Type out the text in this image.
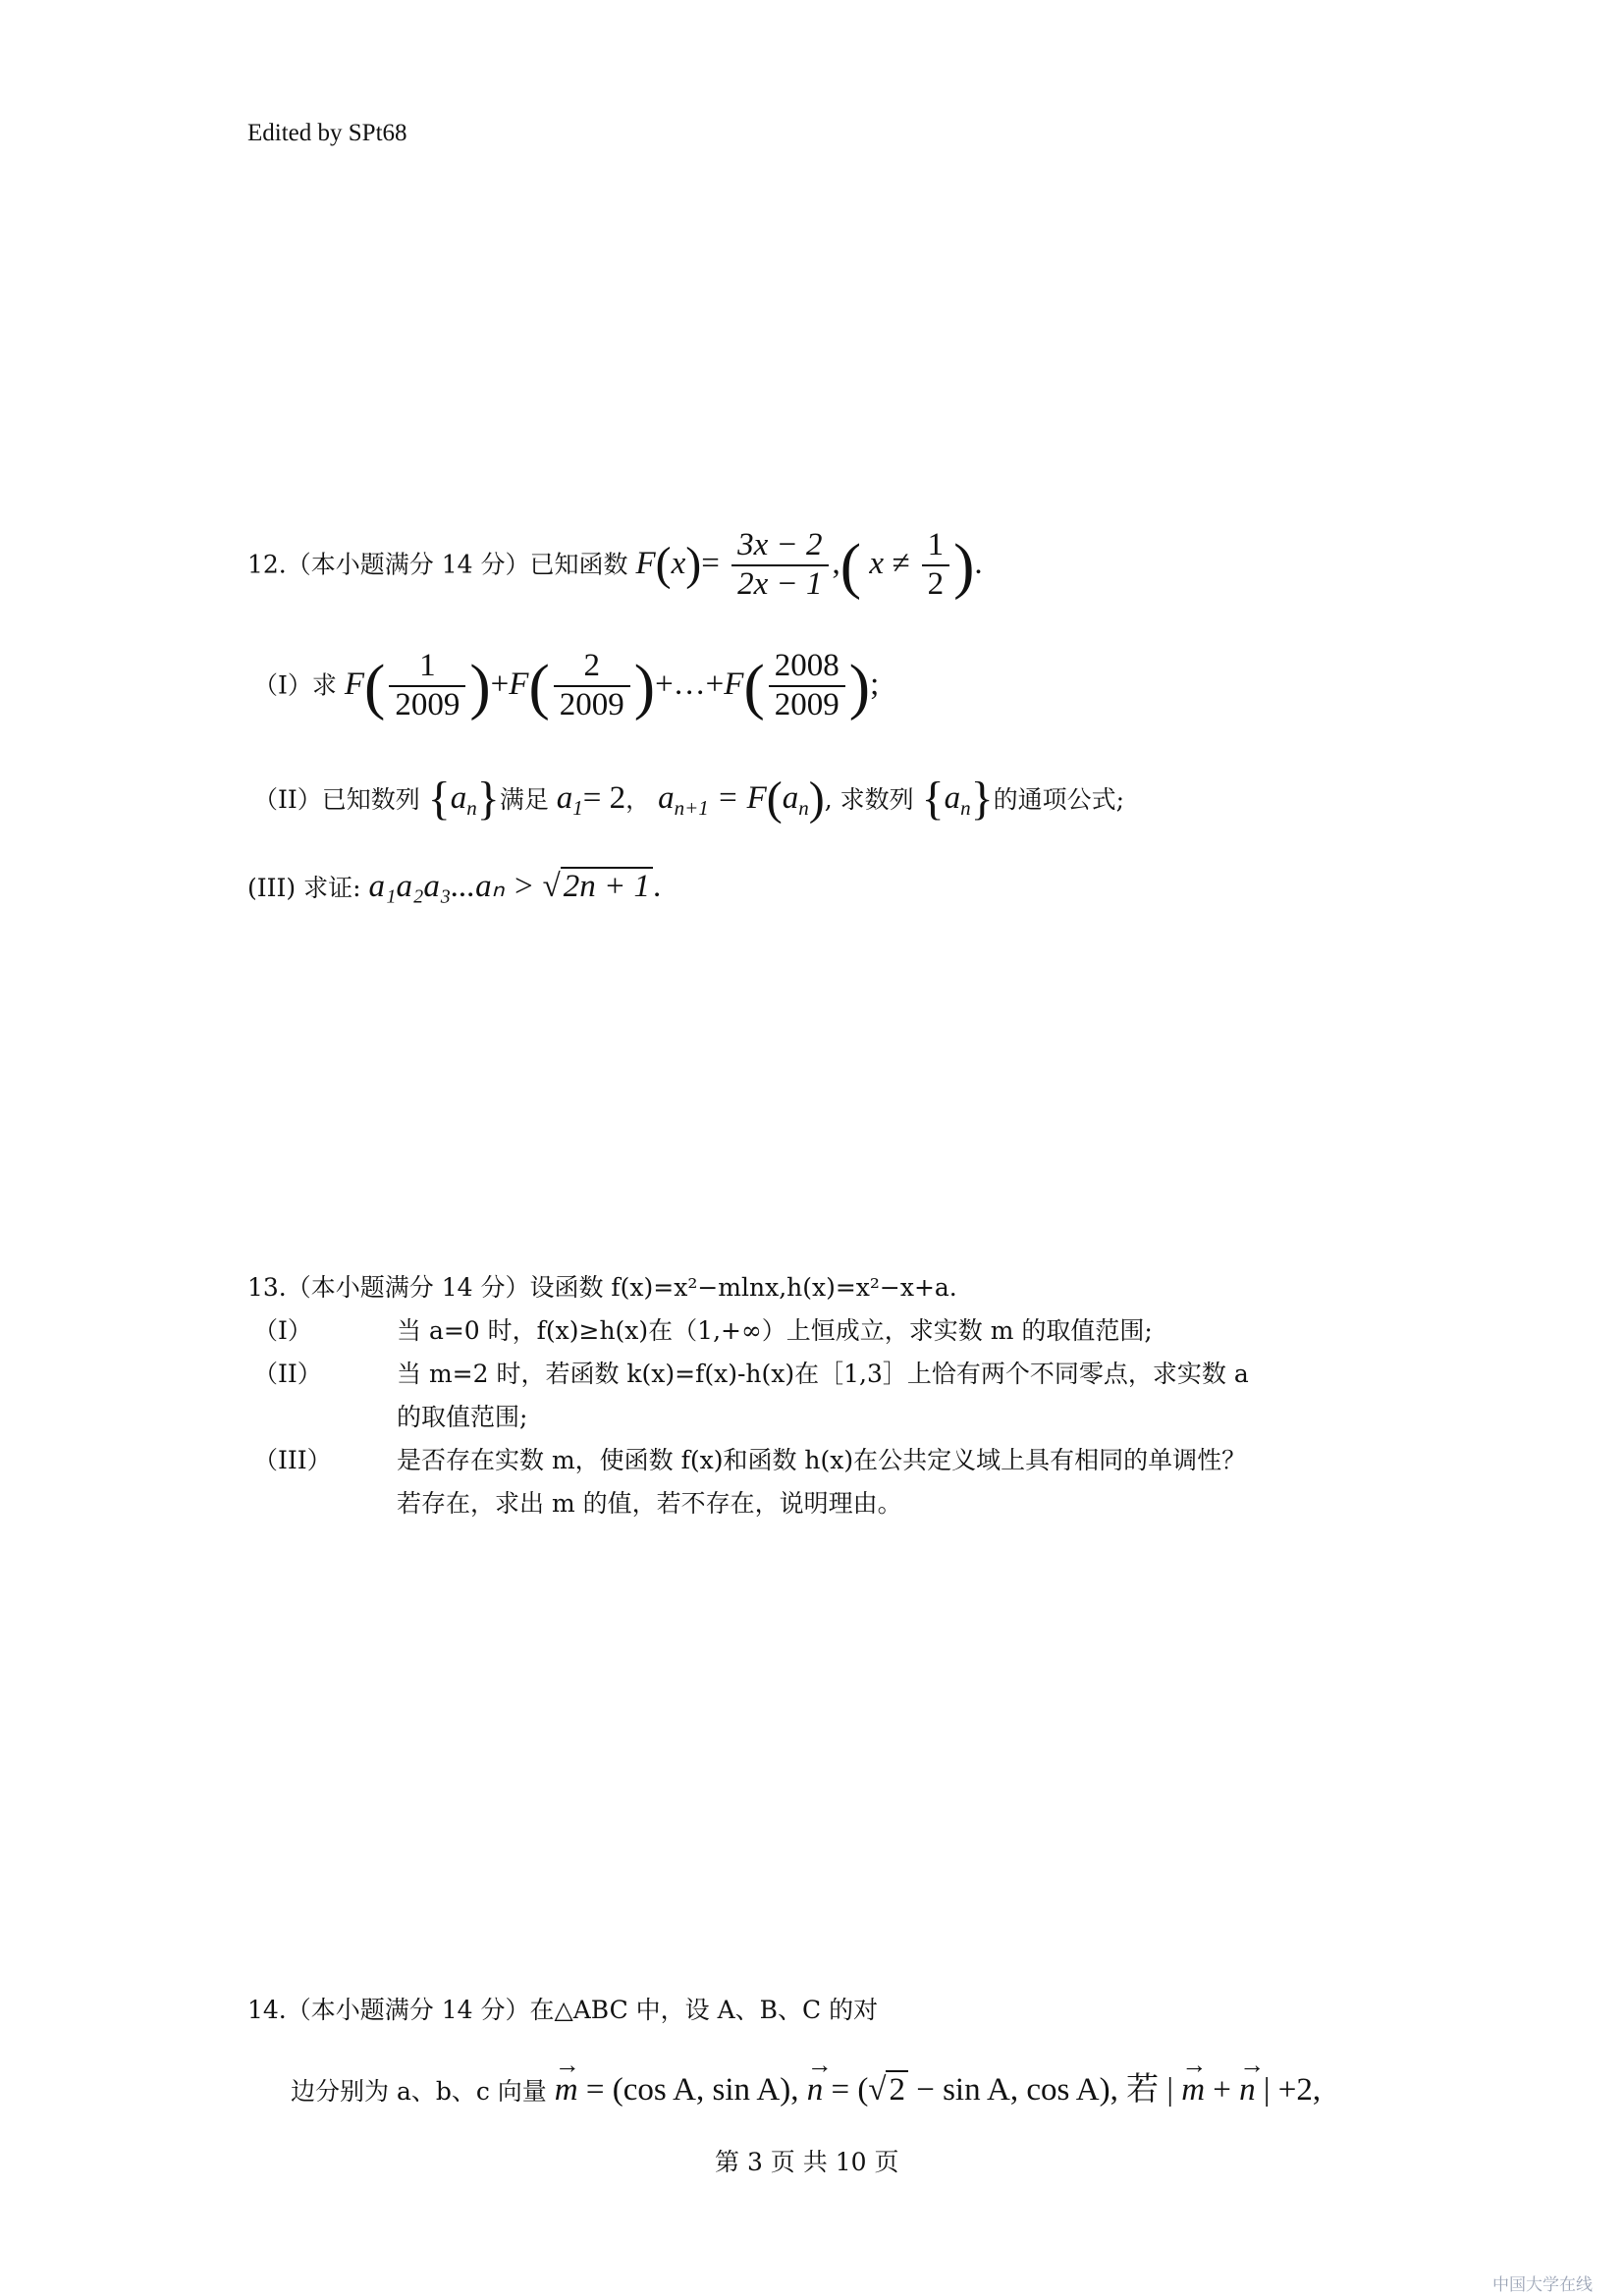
Edited by SPt68
12.（本小题满分 14 分）已知函数 $F(x)= \frac{3x - 2}{2x - 1}$ ,( $x \ne \frac{1}{2}$ ).
（I）求 $F( \frac{1}{2009} )+F( \frac{2}{2009}$ )+…+F( $\frac{2008}{2009}$ );
（II）已知数列 $\{a_n\}$满足 $a_1= 2$， $a_{n+1} = F(a_n)$, 求数列 $\{a_n\}$的通项公式;
(III) 求证: a₁a₂a₃...aₙ > √2n + 1.
13.（本小题满分 14 分）设函数 f(x)=x²−mlnx,h(x)=x²−x+a.
（I）	当 a=0 时，f(x)≥h(x)在（1,+∞）上恒成立，求实数 m 的取值范围;
（II）	当 m=2 时，若函数 k(x)=f(x)-h(x)在［1,3］上恰有两个不同零点，求实数 a
的取值范围;
（III）	是否存在实数 m，使函数 f(x)和函数 h(x)在公共定义域上具有相同的单调性？
若存在，求出 m 的值，若不存在，说明理由。
14.（本小题满分 14 分）在△ABC 中，设 A、B、C 的对
边分别为 a、b、c 向量 → m = (cos A, sin A), → n = (√2 − sin A, cos A), 若 | → m + → n | +2,
第 3 页 共 10 页
中国大学在线
